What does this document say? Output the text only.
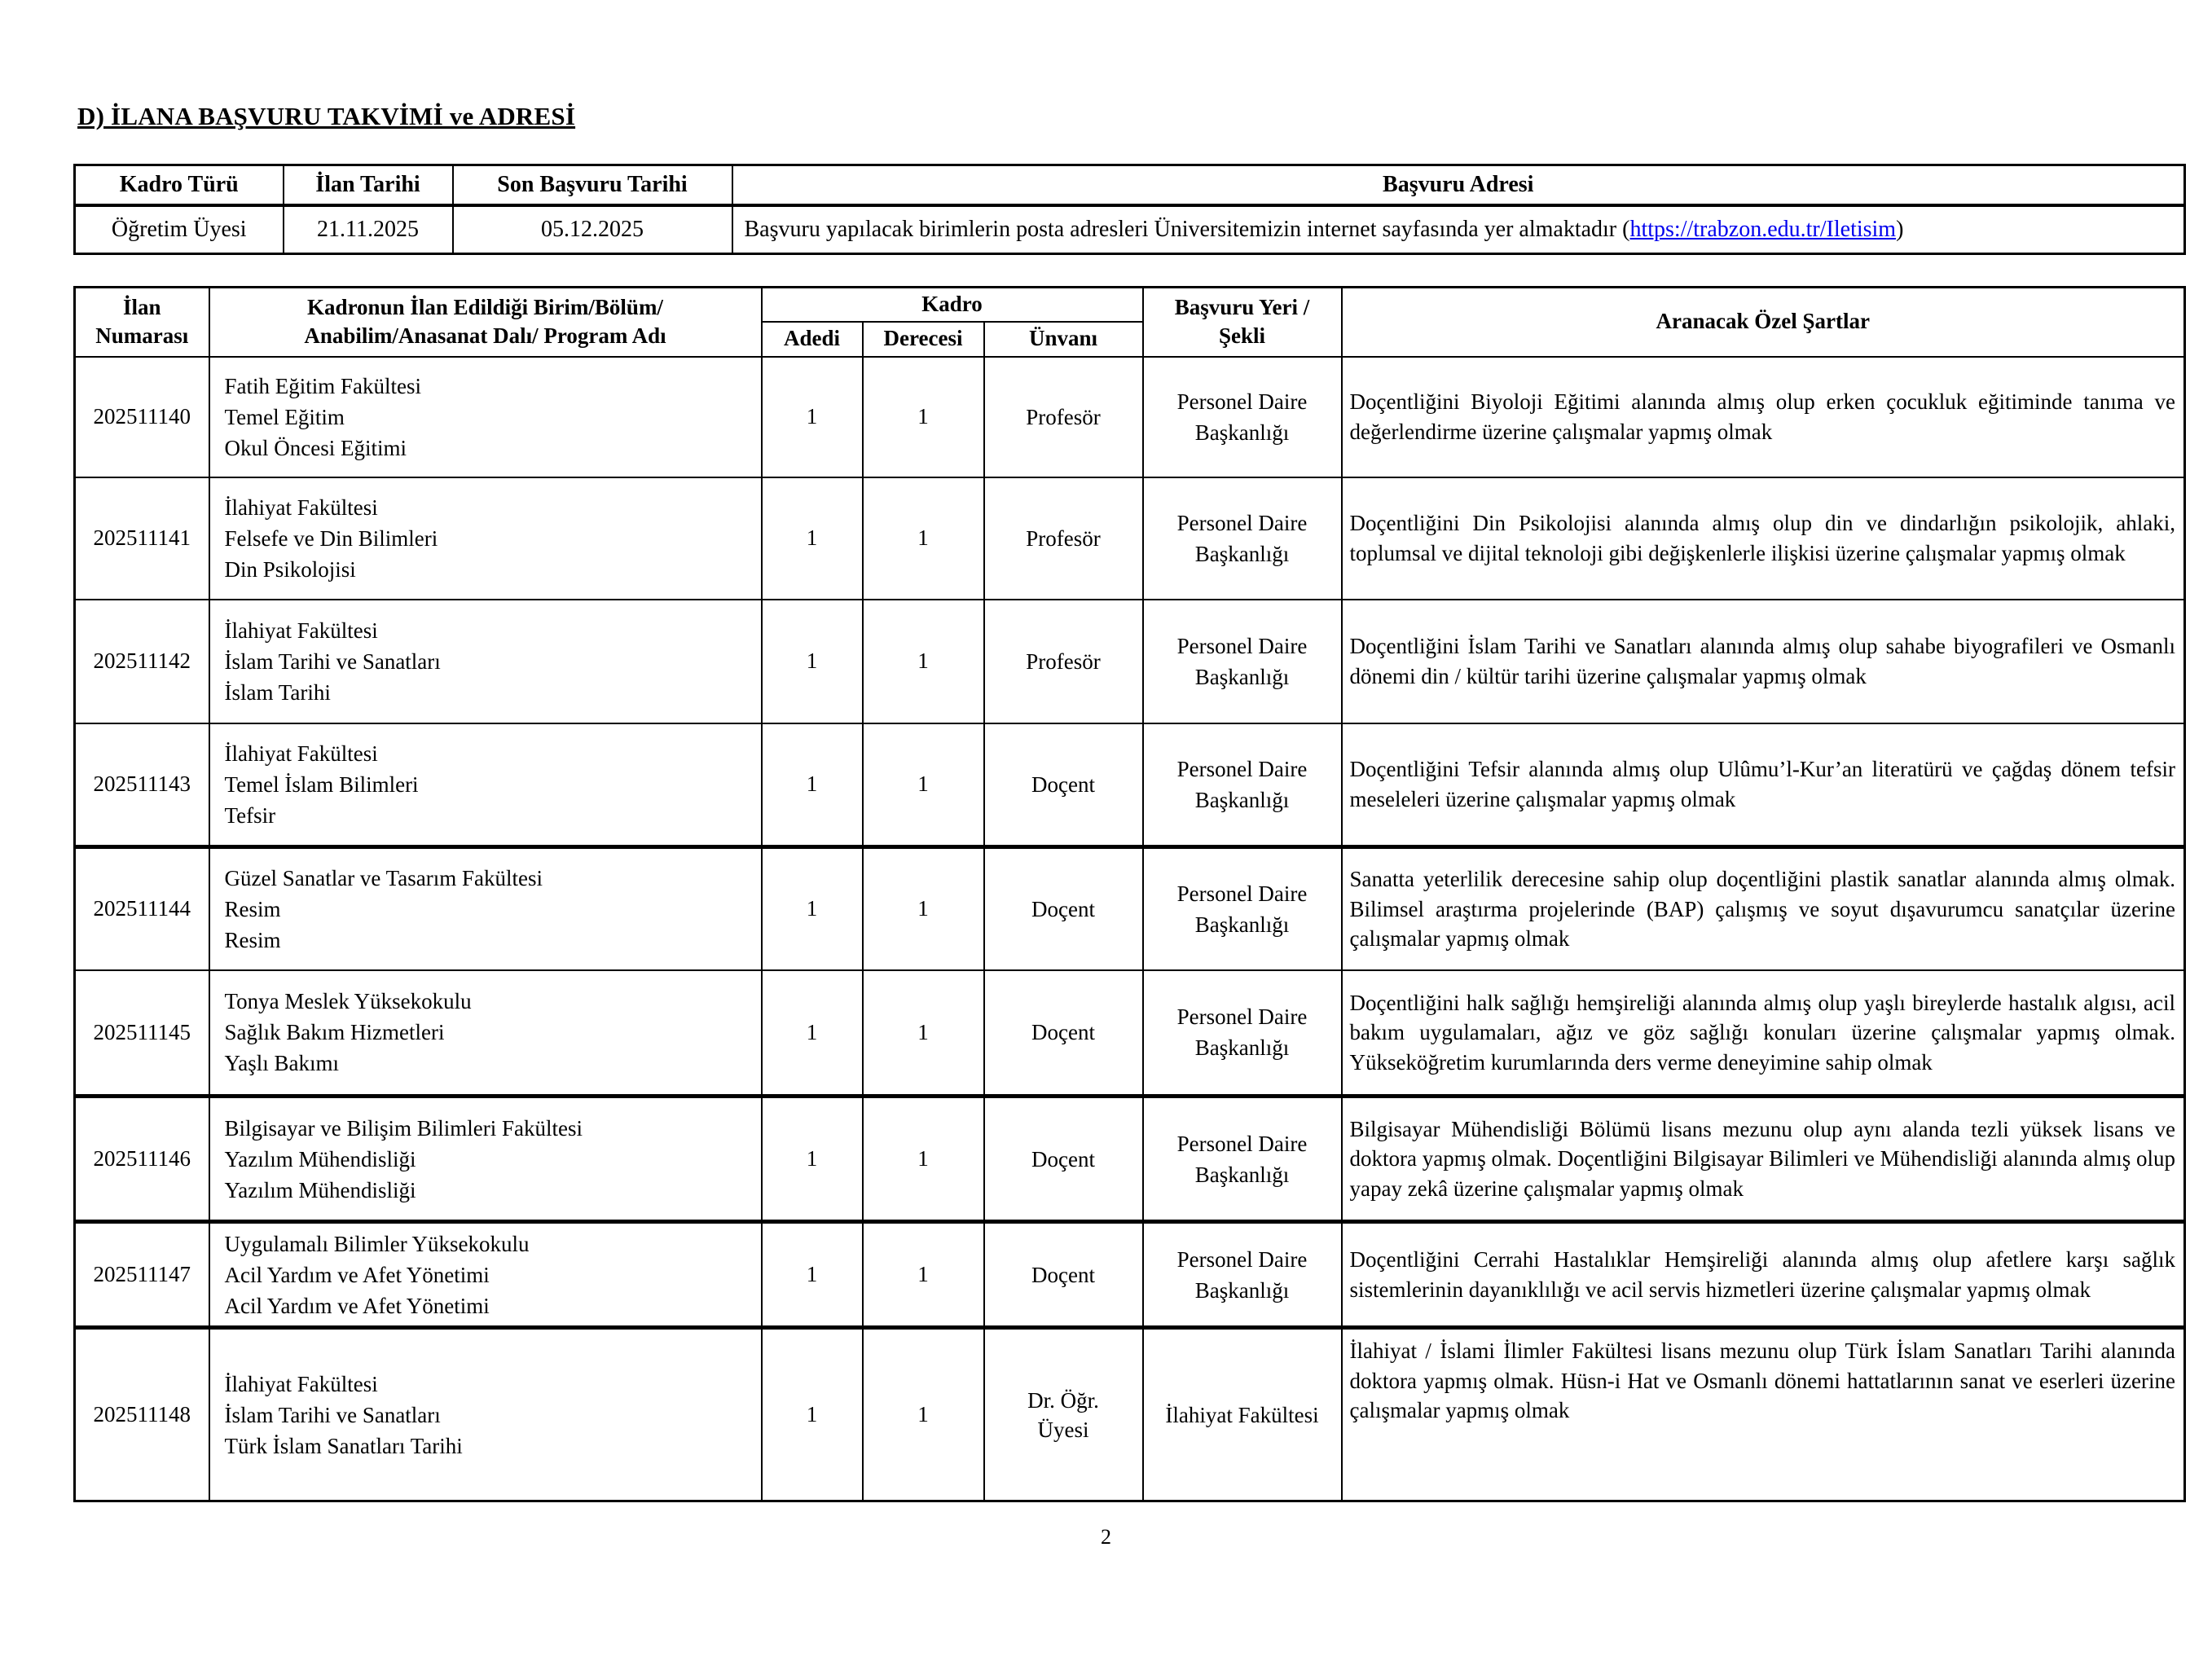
D) İLANA BAŞVURU TAKVİMİ ve ADRESİ
Kadro Türü	İlan Tarihi	Son Başvuru Tarihi	Başvuru Adresi
Öğretim Üyesi	21.11.2025	05.12.2025	Başvuru yapılacak birimlerin posta adresleri Üniversitemizin internet sayfasında yer almaktadır (https://trabzon.edu.tr/Iletisim)
İlan
Numarası

Kadronun İlan Edildiği Birim/Bölüm/
Anabilim/Anasanat Dalı/ Program Adı
	Kadro	Başvuru Yeri /
Şekli
	Aranacak Özel Şartlar
		Adedi	Derecesi	Ünvanı		
202511140	Fatih Eğitim Fakültesi
Temel Eğitim
Okul Öncesi Eğitimi	1	1	Profesör	Personel Daire Başkanlığı	Doçentliğini Biyoloji Eğitimi alanında almış olup erken çocukluk eğitiminde tanıma ve değerlendirme üzerine çalışmalar yapmış olmak
202511141	İlahiyat Fakültesi
Felsefe ve Din Bilimleri
Din Psikolojisi	1	1	Profesör	Personel Daire Başkanlığı	Doçentliğini Din Psikolojisi alanında almış olup din ve dindarlığın psikolojik, ahlaki, toplumsal ve dijital teknoloji gibi değişkenlerle ilişkisi üzerine çalışmalar yapmış olmak
202511142	İlahiyat Fakültesi
İslam Tarihi ve Sanatları
İslam Tarihi	1	1	Profesör	Personel Daire Başkanlığı	Doçentliğini İslam Tarihi ve Sanatları alanında almış olup sahabe biyografileri ve Osmanlı dönemi din / kültür tarihi üzerine çalışmalar yapmış olmak
202511143	İlahiyat Fakültesi
Temel İslam Bilimleri
Tefsir	1	1	Doçent	Personel Daire Başkanlığı	Doçentliğini Tefsir alanında almış olup Ulûmu’l-Kur’an literatürü ve çağdaş dönem tefsir meseleleri üzerine çalışmalar yapmış olmak
202511144	
Güzel Sanatlar ve Tasarım Fakültesi
Resim
Resim
	1	1	Doçent	Personel Daire Başkanlığı	Sanatta yeterlilik derecesine sahip olup doçentliğini plastik sanatlar alanında almış olmak. Bilimsel araştırma projelerinde (BAP) çalışmış ve soyut dışavurumcu sanatçılar üzerine çalışmalar yapmış olmak
202511145	
Tonya Meslek Yüksekokulu
Sağlık Bakım Hizmetleri
Yaşlı Bakımı
	1	1	Doçent	Personel Daire Başkanlığı	Doçentliğini halk sağlığı hemşireliği alanında almış olup yaşlı bireylerde hastalık algısı, acil bakım uygulamaları, ağız ve göz sağlığı konuları üzerine çalışmalar yapmış olmak. Yükseköğretim kurumlarında ders verme deneyimine sahip olmak
202511146	
Bilgisayar ve Bilişim Bilimleri Fakültesi
Yazılım Mühendisliği
Yazılım Mühendisliği
	1	1	Doçent	Personel Daire Başkanlığı	Bilgisayar Mühendisliği Bölümü lisans mezunu olup aynı alanda tezli yüksek lisans ve doktora yapmış olmak. Doçentliğini Bilgisayar Bilimleri ve Mühendisliği alanında almış olup yapay zekâ üzerine çalışmalar yapmış olmak
202511147	Uygulamalı Bilimler Yüksekokulu
Acil Yardım ve Afet Yönetimi
Acil Yardım ve Afet Yönetimi	1	1	Doçent	Personel Daire Başkanlığı	Doçentliğini Cerrahi Hastalıklar Hemşireliği alanında almış olup afetlere karşı sağlık sistemlerinin dayanıklılığı ve acil servis hizmetleri üzerine çalışmalar yapmış olmak
202511148	
İlahiyat Fakültesi
İslam Tarihi ve Sanatları
Türk İslam Sanatları Tarihi
	1	1	Dr. Öğr. Üyesi	İlahiyat Fakültesi	İlahiyat / İslami İlimler Fakültesi lisans mezunu olup Türk İslam Sanatları Tarihi alanında doktora yapmış olmak. Hüsn-i Hat ve Osmanlı dönemi hattatlarının sanat ve eserleri üzerine çalışmalar yapmış olmak
2
